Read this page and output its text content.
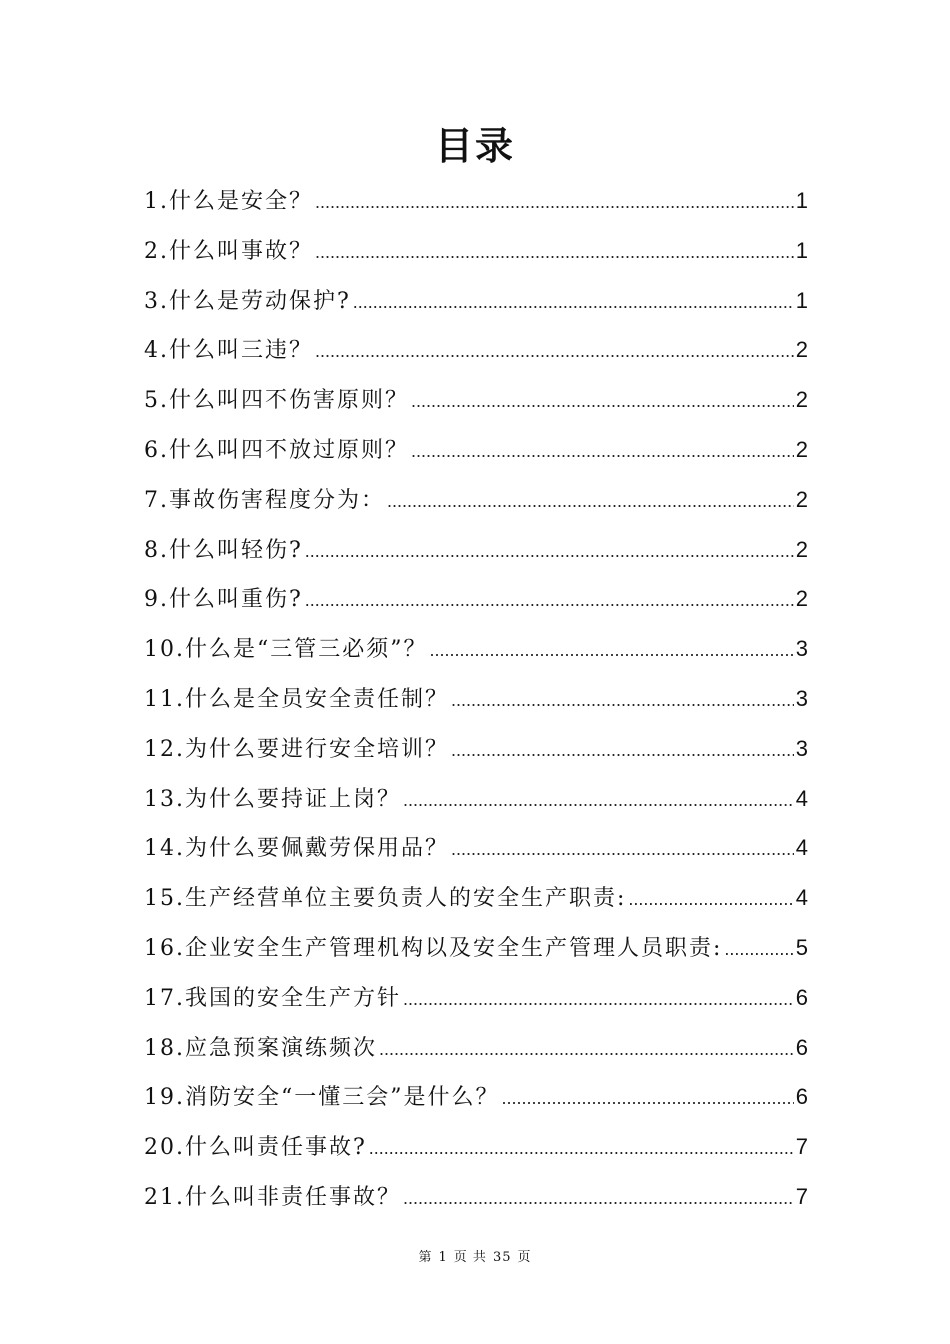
目录
1.什么是安全？ .....	1
2.什么叫事故？ .....	1
3.什么是劳动保护? .....	1
4.什么叫三违？ .....	2
5.什么叫四不伤害原则？ .....	2
6.什么叫四不放过原则？ .....	2
7.事故伤害程度分为： .....	2
8.什么叫轻伤? .....	2
9.什么叫重伤? .....	2
10.什么是“三管三必须”？ .....	3
11.什么是全员安全责任制？ .....	3
12.为什么要进行安全培训？ .....	3
13.为什么要持证上岗？ .....	4
14.为什么要佩戴劳保用品？ .....	4
15.生产经营单位主要负责人的安全生产职责: .....	4
16.企业安全生产管理机构以及安全生产管理人员职责: .....	5
17.我国的安全生产方针 .....	6
18.应急预案演练频次 .....	6
19.消防安全“一懂三会”是什么？ .....	6
20.什么叫责任事故? .....	7
21.什么叫非责任事故？ .....	7
第 1 页 共 35 页
